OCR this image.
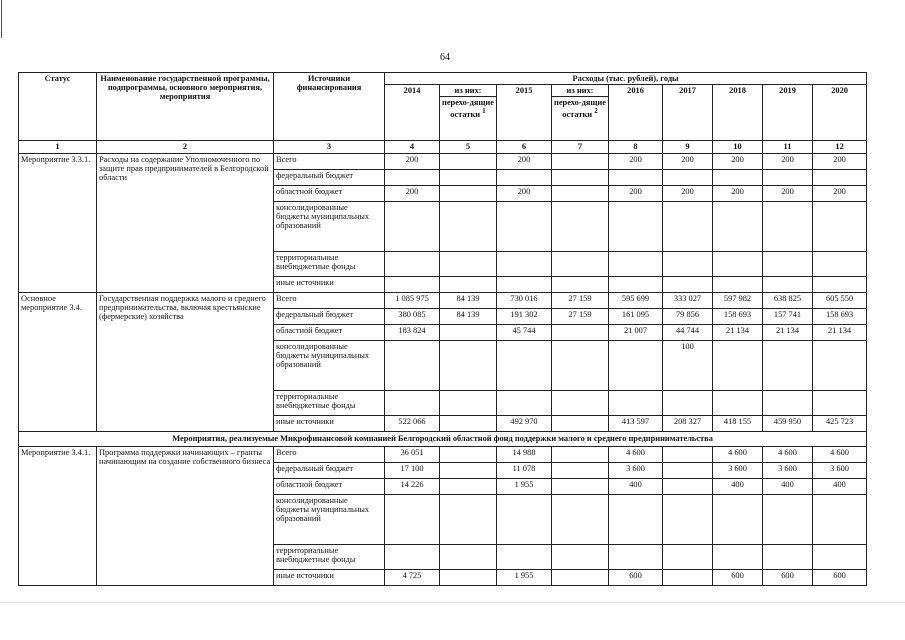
64
Статус	Наименование государственной программы, подпрограммы, основного мероприятия, мероприятия	Источники финансирования	Расходы (тыс. рублей), годы								
			2014	из них:	2015	из них:	2016	2017	2018	2019	2020
				перехо-дящие остатки $^1$		перехо-дящие остатки $^2$
1	2	3	4	5	6	7	8	9	10	11	12
Мероприятие 3.3.1.	Расходы на содержание Уполномоченного по защите прав предпринимателей в Белгородской области	Всего	200		200		200	200	200	200	200
		федеральный бюджет									
		областной бюджет	200		200		200	200	200	200	200
		консолидированные бюджеты муниципальных образований									
		территориальные внебюджетные фонды									
		иные источники									
Основное мероприятие 3.4.	Государственная поддержка малого и среднего предпринимательства, включая крестьянские (фермерские) хозяйства	Всего	1 085 975	84 139	730 016	27 159	595 699	333 027	597 982	638 825	605 550
		федеральный бюджет	380 085	84 139	191 302	27 159	161 095	79 856	158 693	157 741	158 693
		областной бюджет	183 824		45 744		21 007	44 744	21 134	21 134	21 134
		консолидированные бюджеты муниципальных образований						100			
		территориальные внебюджетные фонды									
		иные источники	522 066		492 970		413 597	208 327	418 155	459 950	425 723
Мероприятия, реализуемые Микрофинансовой компанией Белгородский областной фонд поддержки малого и среднего предпринимательства											
Мероприятие 3.4.1.	Программа поддержки начинающих – гранты начинающим на создание собственного бизнеса	Всего	36 051		14 988		4 600		4 600	4 600	4 600
		федеральный бюджет	17 100		11 078		3 600		3 600	3 600	3 600
		областной бюджет	14 226		1 955		400		400	400	400
		консолидированные бюджеты муниципальных образований									
		территориальные внебюджетные фонды									
		иные источники	4 725		1 955		600		600	600	600
